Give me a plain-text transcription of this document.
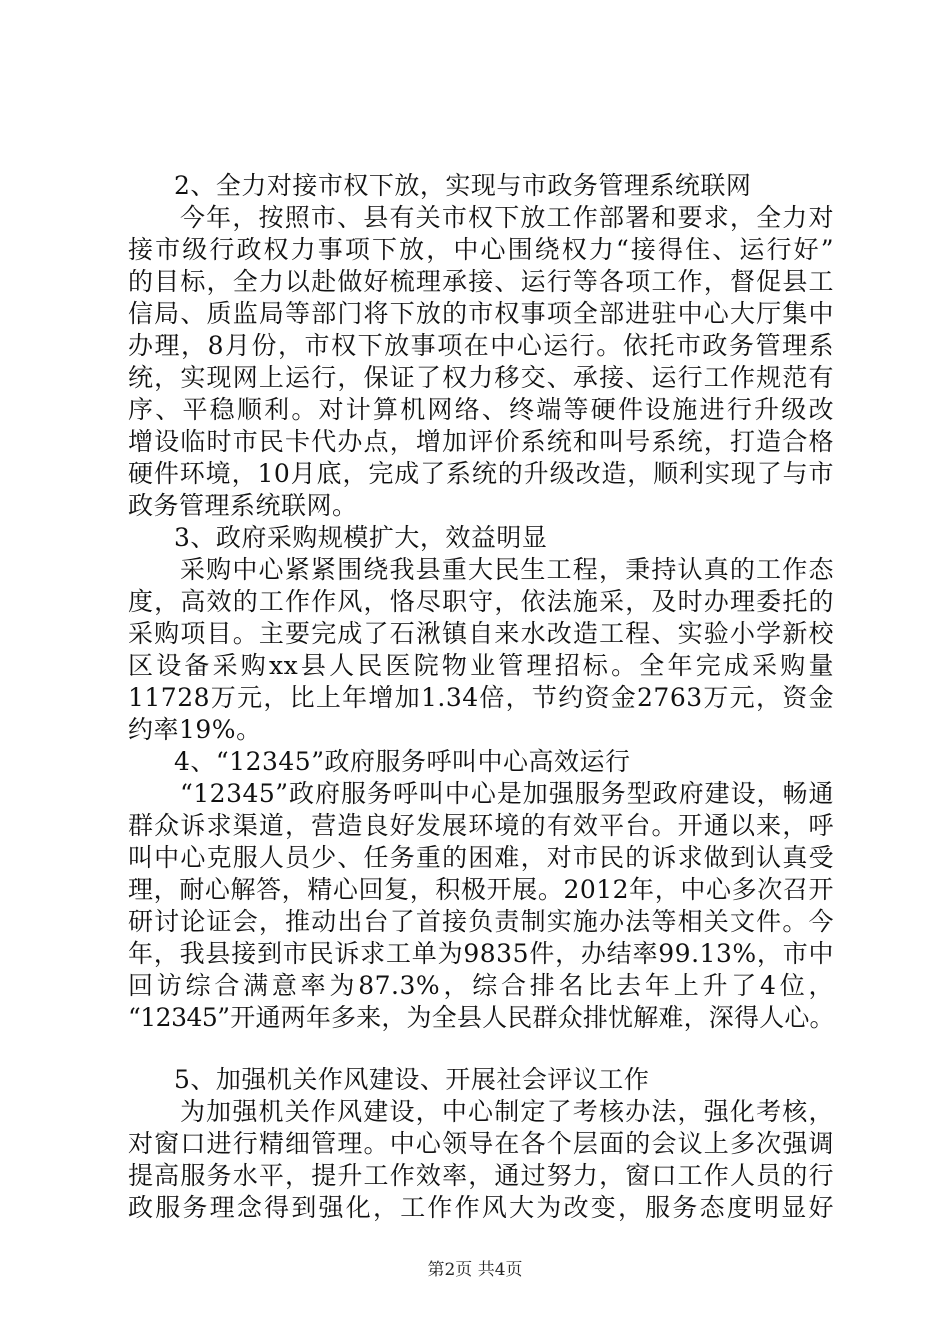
2、全力对接市权下放，实现与市政务管理系统联网
今年，按照市、县有关市权下放工作部署和要求，全力对
接市级行政权力事项下放，中心围绕权力“接得住、运行好”
的目标，全力以赴做好梳理承接、运行等各项工作，督促县工
信局、质监局等部门将下放的市权事项全部进驻中心大厅集中
办理，8月份，市权下放事项在中心运行。依托市政务管理系
统，实现网上运行，保证了权力移交、承接、运行工作规范有
序、平稳顺利。对计算机网络、终端等硬件设施进行升级改
增设临时市民卡代办点，增加评价系统和叫号系统，打造合格
硬件环境，10月底，完成了系统的升级改造，顺利实现了与市
政务管理系统联网。
3、政府采购规模扩大，效益明显
采购中心紧紧围绕我县重大民生工程，秉持认真的工作态
度，高效的工作作风，恪尽职守，依法施采，及时办理委托的
采购项目。主要完成了石湫镇自来水改造工程、实验小学新校
区设备采购xx县人民医院物业管理招标。全年完成采购量
11728万元，比上年增加1.34倍，节约资金2763万元，资金
约率19%。
4、“12345”政府服务呼叫中心高效运行
“12345”政府服务呼叫中心是加强服务型政府建设，畅通
群众诉求渠道，营造良好发展环境的有效平台。开通以来，呼
叫中心克服人员少、任务重的困难，对市民的诉求做到认真受
理，耐心解答，精心回复，积极开展。2012年，中心多次召开
研讨论证会，推动出台了首接负责制实施办法等相关文件。今
年，我县接到市民诉求工单为9835件，办结率99.13%，市中
回访综合满意率为87.3%，综合排名比去年上升了4位，
“12345”开通两年多来，为全县人民群众排忧解难，深得人心。
5、加强机关作风建设、开展社会评议工作
为加强机关作风建设，中心制定了考核办法，强化考核，
对窗口进行精细管理。中心领导在各个层面的会议上多次强调
提高服务水平，提升工作效率，通过努力，窗口工作人员的行
政服务理念得到强化，工作作风大为改变，服务态度明显好
第2页 共4页
